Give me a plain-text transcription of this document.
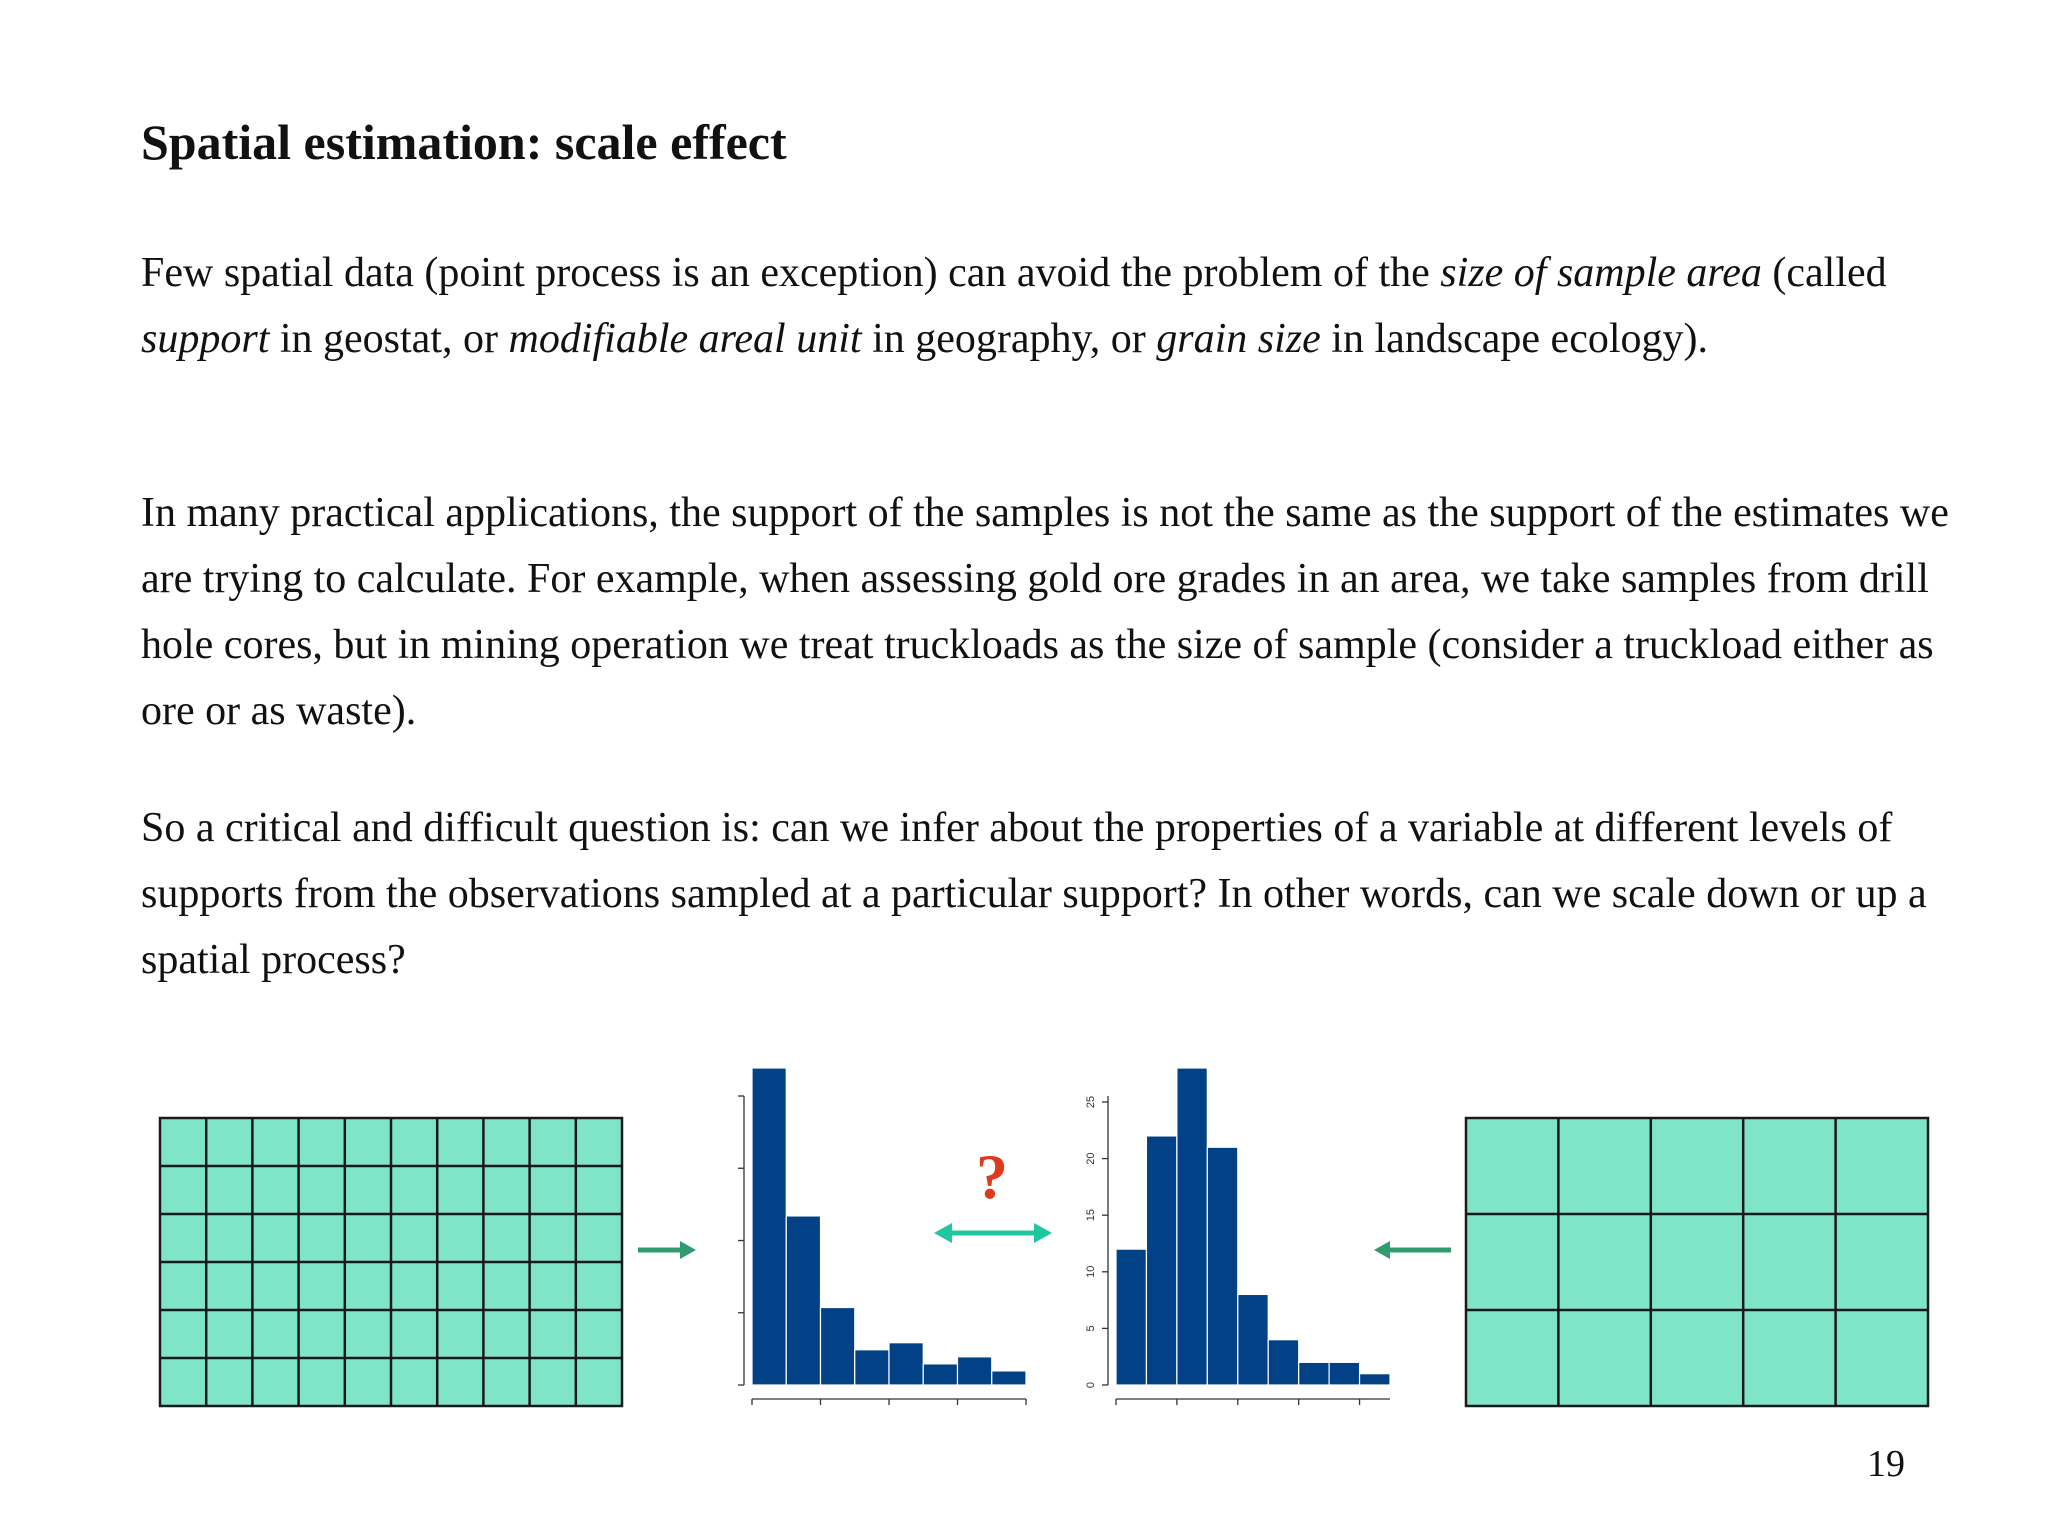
Spatial estimation: scale effect

Few spatial data (point process is an exception) can avoid the problem of the size of sample area (called support in geostat, or modifiable areal unit in geography, or grain size in landscape ecology).

In many practical applications, the support of the samples is not the same as the support of the estimates we are trying to calculate. For example, when assessing gold ore grades in an area, we take samples from drill hole cores, but in mining operation we treat truckloads as the size of sample (consider a truckload either as ore or as waste).

So a critical and difficult question is: can we infer about the properties of a variable at different levels of supports from the observations sampled at a particular support? In other words, can we scale down or up a spatial process?

0
5
10
15
20
25
?
19
